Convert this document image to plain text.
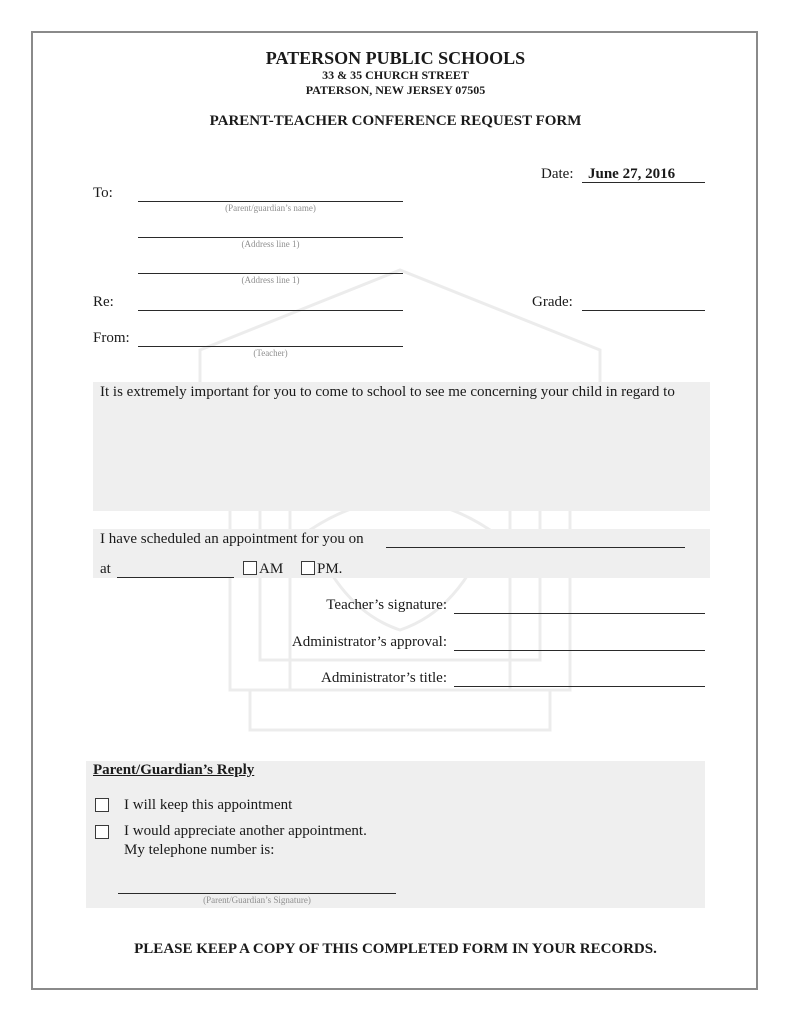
PATERSON PUBLIC SCHOOLS
33 & 35 CHURCH STREET
PATERSON, NEW JERSEY 07505
PARENT-TEACHER CONFERENCE REQUEST FORM
Date: June 27, 2016
To:
(Parent/guardian’s name)
(Address line 1)
(Address line 1)
Re:	Grade:
From:
(Teacher)
It is extremely important for you to come to school to see me concerning your child in regard to
I have scheduled an appointment for you on
at	AM PM.
Teacher’s signature:
Administrator’s approval:
Administrator’s title:
Parent/Guardian’s Reply
I will keep this appointment
I would appreciate another appointment.
My telephone number is:
(Parent/Guardian’s Signature)
PLEASE KEEP A COPY OF THIS COMPLETED FORM IN YOUR RECORDS.
